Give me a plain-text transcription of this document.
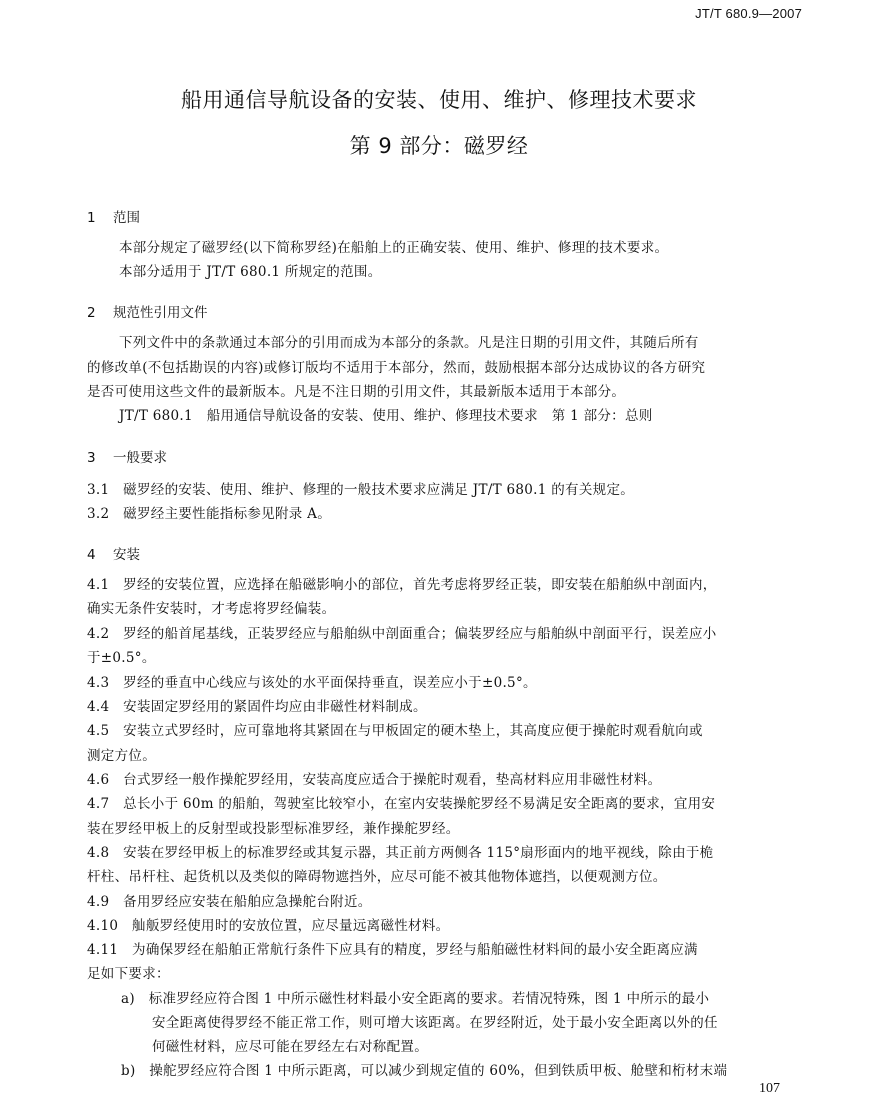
JT/T 680.9—2007
船用通信导航设备的安装、使用、维护、修理技术要求
第 9 部分：磁罗经
1 范围
本部分规定了磁罗经(以下简称罗经)在船舶上的正确安装、使用、维护、修理的技术要求。
本部分适用于 JT/T 680.1 所规定的范围。
2 规范性引用文件
下列文件中的条款通过本部分的引用而成为本部分的条款。凡是注日期的引用文件，其随后所有
的修改单(不包括勘误的内容)或修订版均不适用于本部分，然而，鼓励根据本部分达成协议的各方研究
是否可使用这些文件的最新版本。凡是不注日期的引用文件，其最新版本适用于本部分。
JT/T 680.1　船用通信导航设备的安装、使用、维护、修理技术要求　第 1 部分：总则
3 一般要求
3.1　磁罗经的安装、使用、维护、修理的一般技术要求应满足 JT/T 680.1 的有关规定。
3.2　磁罗经主要性能指标参见附录 A。
4 安装
4.1　罗经的安装位置，应选择在船磁影响小的部位，首先考虑将罗经正装，即安装在船舶纵中剖面内，
确实无条件安装时，才考虑将罗经偏装。
4.2　罗经的船首尾基线，正装罗经应与船舶纵中剖面重合；偏装罗经应与船舶纵中剖面平行，误差应小
于±0.5°。
4.3　罗经的垂直中心线应与该处的水平面保持垂直，误差应小于±0.5°。
4.4　安装固定罗经用的紧固件均应由非磁性材料制成。
4.5　安装立式罗经时，应可靠地将其紧固在与甲板固定的硬木垫上，其高度应便于操舵时观看航向或
测定方位。
4.6　台式罗经一般作操舵罗经用，安装高度应适合于操舵时观看，垫高材料应用非磁性材料。
4.7　总长小于 60m 的船舶，驾驶室比较窄小，在室内安装操舵罗经不易满足安全距离的要求，宜用安
装在罗经甲板上的反射型或投影型标准罗经，兼作操舵罗经。
4.8　安装在罗经甲板上的标准罗经或其复示器，其正前方两侧各 115°扇形面内的地平视线，除由于桅
杆柱、吊杆柱、起货机以及类似的障碍物遮挡外，应尽可能不被其他物体遮挡，以便观测方位。
4.9　备用罗经应安装在船舶应急操舵台附近。
4.10　舢舨罗经使用时的安放位置，应尽量远离磁性材料。
4.11　为确保罗经在船舶正常航行条件下应具有的精度，罗经与船舶磁性材料间的最小安全距离应满
足如下要求：
a)　标准罗经应符合图 1 中所示磁性材料最小安全距离的要求。若情况特殊，图 1 中所示的最小
安全距离使得罗经不能正常工作，则可增大该距离。在罗经附近，处于最小安全距离以外的任
何磁性材料，应尽可能在罗经左右对称配置。
b)　操舵罗经应符合图 1 中所示距离，可以减少到规定值的 60%，但到铁质甲板、舱壁和桁材末端
107
